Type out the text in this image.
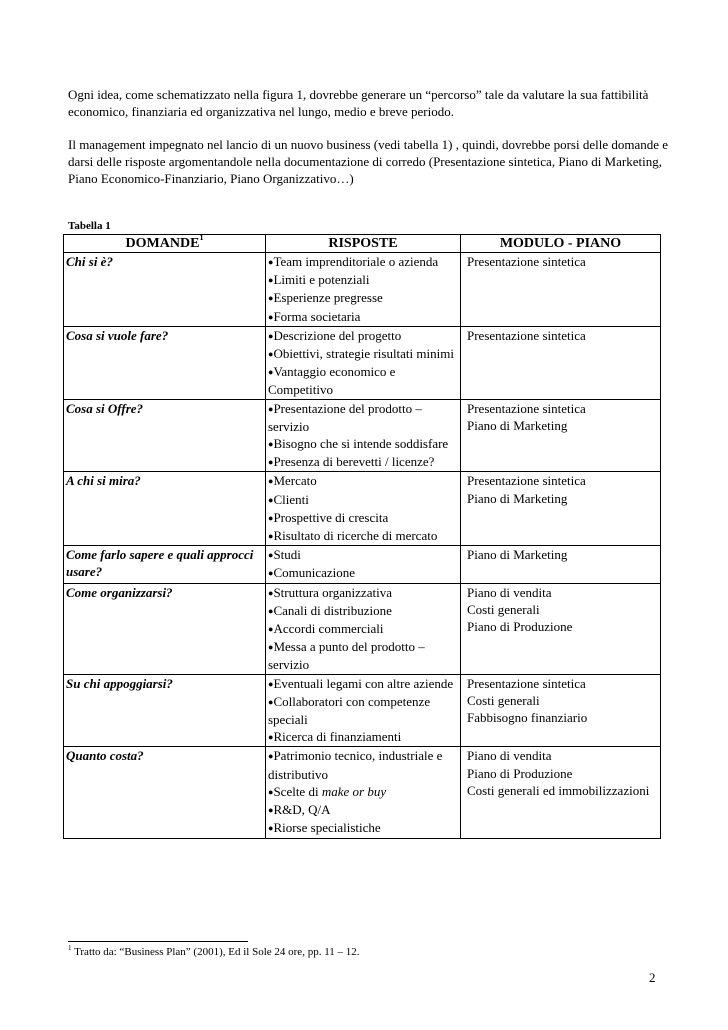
Ogni idea, come schematizzato nella figura 1, dovrebbe generare un “percorso” tale da valutare la sua fattibilità economico, finanziaria ed organizzativa nel lungo, medio e breve periodo.

Il management impegnato nel lancio di un nuovo business (vedi tabella 1) , quindi, dovrebbe porsi delle domande e darsi delle risposte argomentandole nella documentazione di corredo (Presentazione sintetica, Piano di Marketing, Piano Economico-Finanziario, Piano Organizzativo…)

Tabella 1
DOMANDE$^1$	RISPOSTE	MODULO - PIANO
Chi si è?	●Team imprenditoriale o azienda
●Limiti e potenziali
●Esperienze pregresse
●Forma societaria	Presentazione sintetica

Cosa si vuole fare?	●Descrizione del progetto
●Obiettivi, strategie risultati minimi
●Vantaggio economico e Competitivo	Presentazione sintetica

Cosa si Offre?	●Presentazione del prodotto – servizio
●Bisogno che si intende soddisfare
●Presenza di berevetti / licenze?	Presentazione sintetica
Piano di Marketing

A chi si mira?	●Mercato
●Clienti
●Prospettive di crescita
●Risultato di ricerche di mercato	Presentazione sintetica
Piano di Marketing

Come farlo sapere e quali approcci usare?	●Studi
●Comunicazione	Piano di Marketing

Come organizzarsi?	●Struttura organizzativa
●Canali di distribuzione
●Accordi commerciali
●Messa a punto del prodotto – servizio	Piano di vendita
Costi generali
Piano di Produzione

Su chi appoggiarsi?	●Eventuali legami con altre aziende
●Collaboratori con competenze speciali
●Ricerca di finanziamenti	Presentazione sintetica
Costi generali
Fabbisogno finanziario

Quanto costa?	●Patrimonio tecnico, industriale e distributivo
●Scelte di make or buy
●R&D, Q/A
●Riorse specialistiche	Piano di vendita
Piano di Produzione
Costi generali ed immobilizzazioni
$^1$ Tratto da: “Business Plan” (2001), Ed il Sole 24 ore, pp. 11 – 12.
2
